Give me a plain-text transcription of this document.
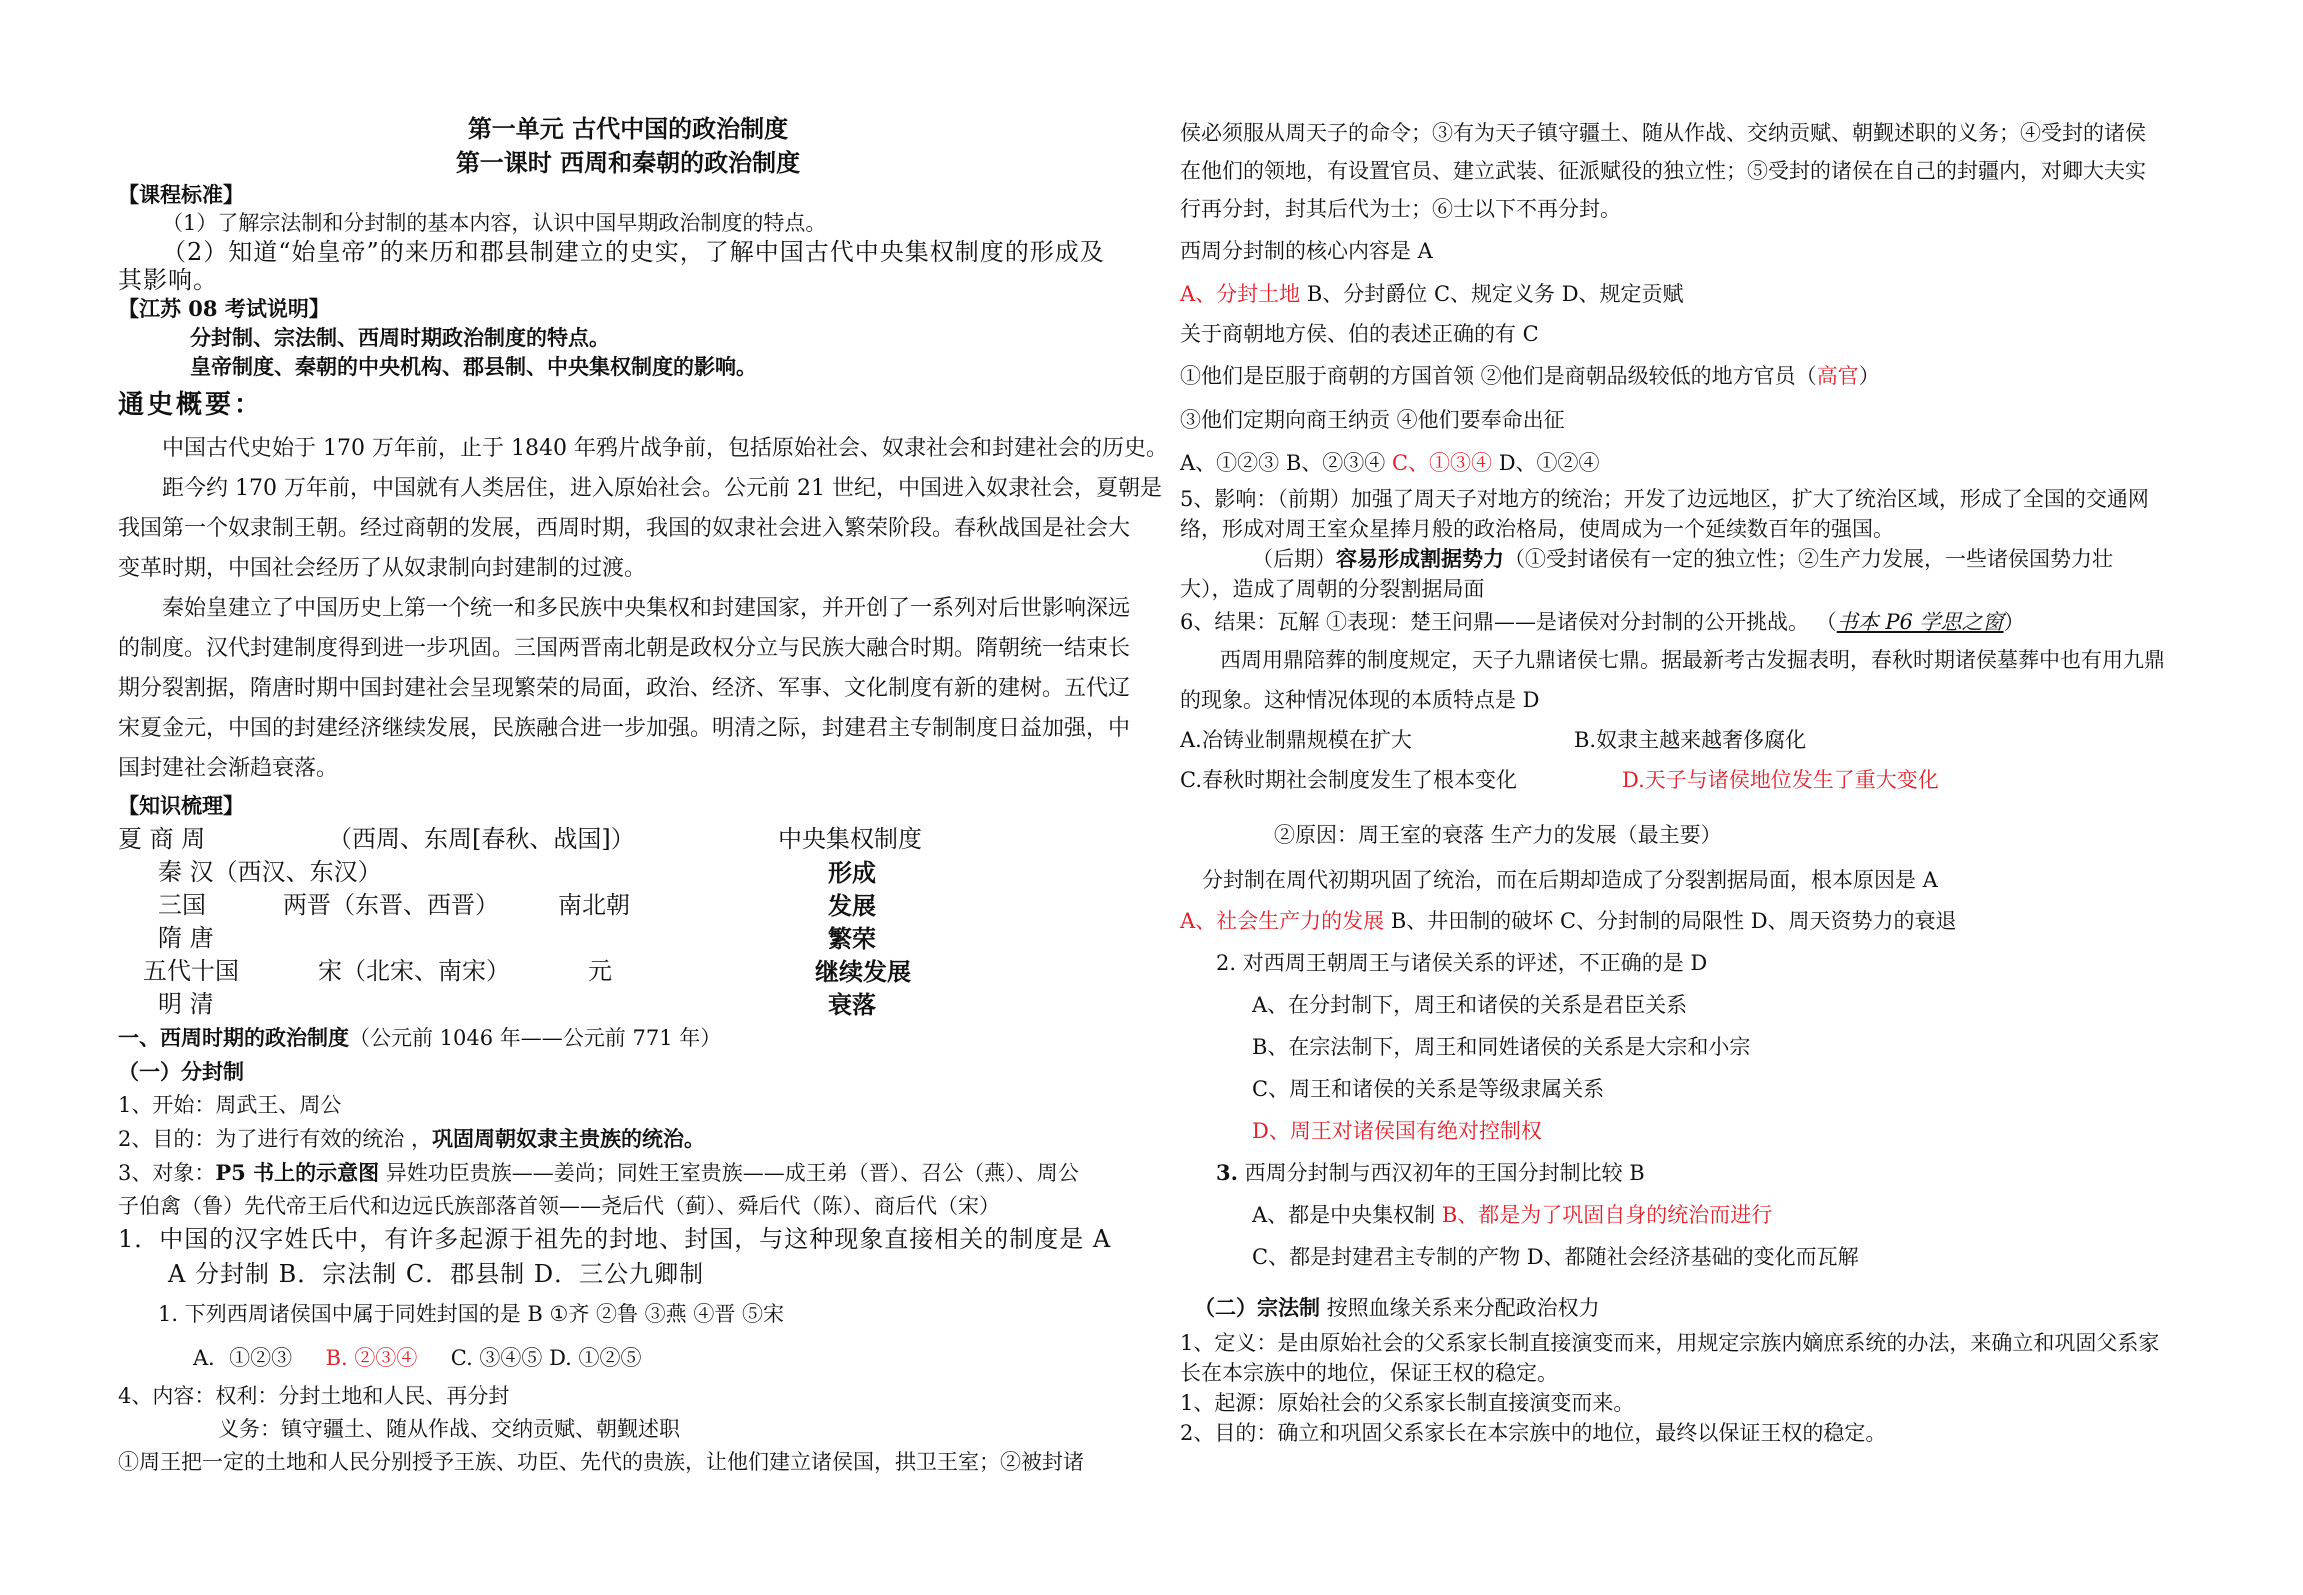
第一单元 古代中国的政治制度
第一课时 西周和秦朝的政治制度
【课程标准】
（1）了解宗法制和分封制的基本内容，认识中国早期政治制度的特点。
（2）知道“始皇帝”的来历和郡县制建立的史实，了解中国古代中央集权制度的形成及
其影响。
【江苏 08 考试说明】
分封制、宗法制、西周时期政治制度的特点。
皇帝制度、秦朝的中央机构、郡县制、中央集权制度的影响。
通史概要：
中国古代史始于 170 万年前，止于 1840 年鸦片战争前，包括原始社会、奴隶社会和封建社会的历史。
距今约 170 万年前，中国就有人类居住，进入原始社会。公元前 21 世纪，中国进入奴隶社会，夏朝是
我国第一个奴隶制王朝。经过商朝的发展，西周时期，我国的奴隶社会进入繁荣阶段。春秋战国是社会大
变革时期，中国社会经历了从奴隶制向封建制的过渡。
秦始皇建立了中国历史上第一个统一和多民族中央集权和封建国家，并开创了一系列对后世影响深远
的制度。汉代封建制度得到进一步巩固。三国两晋南北朝是政权分立与民族大融合时期。隋朝统一结束长
期分裂割据，隋唐时期中国封建社会呈现繁荣的局面，政治、经济、军事、文化制度有新的建树。五代辽
宋夏金元，中国的封建经济继续发展，民族融合进一步加强。明清之际，封建君主专制制度日益加强，中
国封建社会渐趋衰落。
【知识梳理】
夏 商 周	（西周、东周[春秋、战国]）	中央集权制度
秦 汉（西汉、东汉）	形成
三国	两晋（东晋、西晋） 南北朝	发展
隋 唐	繁荣
五代十国	宋（北宋、南宋）	元	继续发展
明 清	衰落
一、西周时期的政治制度（公元前 1046 年——公元前 771 年）
（一）分封制
1、开始：周武王、周公
2、目的：为了进行有效的统治 ，巩固周朝奴隶主贵族的统治。
3、对象：P5 书上的示意图 异姓功臣贵族——姜尚；同姓王室贵族——成王弟（晋）、召公（燕）、周公
子伯禽（鲁）先代帝王后代和边远氏族部落首领——尧后代（蓟）、舜后代（陈）、商后代（宋）
1．中国的汉字姓氏中，有许多起源于祖先的封地、封国，与这种现象直接相关的制度是 A
A 分封制 B．宗法制 C．郡县制 D．三公九卿制
1. 下列西周诸侯国中属于同姓封国的是 B ①齐 ②鲁 ③燕 ④晋 ⑤宋
A．①②③ B. ②③④ C. ③④⑤ D. ①②⑤
4、内容：权利：分封土地和人民、再分封
义务：镇守疆土、随从作战、交纳贡赋、朝觐述职
①周王把一定的土地和人民分别授予王族、功臣、先代的贵族，让他们建立诸侯国，拱卫王室；②被封诸
侯必须服从周天子的命令；③有为天子镇守疆土、随从作战、交纳贡赋、朝觐述职的义务；④受封的诸侯
在他们的领地，有设置官员、建立武装、征派赋役的独立性；⑤受封的诸侯在自己的封疆内，对卿大夫实
行再分封，封其后代为士；⑥士以下不再分封。
西周分封制的核心内容是 A
A、分封土地 B、分封爵位 C、规定义务 D、规定贡赋
关于商朝地方侯、伯的表述正确的有 C
①他们是臣服于商朝的方国首领 ②他们是商朝品级较低的地方官员（高官）
③他们定期向商王纳贡 ④他们要奉命出征
A、①②③ B、②③④ C、①③④ D、①②④
5、影响：（前期）加强了周天子对地方的统治；开发了边远地区，扩大了统治区域，形成了全国的交通网
络，形成对周王室众星捧月般的政治格局，使周成为一个延续数百年的强国。
（后期）容易形成割据势力（①受封诸侯有一定的独立性；②生产力发展，一些诸侯国势力壮
大），造成了周朝的分裂割据局面
6、结果：瓦解 ①表现：楚王问鼎——是诸侯对分封制的公开挑战。 （书本 P6 学思之窗）
西周用鼎陪葬的制度规定，天子九鼎诸侯七鼎。据最新考古发掘表明，春秋时期诸侯墓葬中也有用九鼎
的现象。这种情况体现的本质特点是 D
A.冶铸业制鼎规模在扩大	B.奴隶主越来越奢侈腐化
C.春秋时期社会制度发生了根本变化	D.天子与诸侯地位发生了重大变化
②原因：周王室的衰落 生产力的发展（最主要）
分封制在周代初期巩固了统治，而在后期却造成了分裂割据局面，根本原因是 A
A、社会生产力的发展 B、井田制的破坏 C、分封制的局限性 D、周天资势力的衰退
2. 对西周王朝周王与诸侯关系的评述，不正确的是 D
A、在分封制下，周王和诸侯的关系是君臣关系
B、在宗法制下，周王和同姓诸侯的关系是大宗和小宗
C、周王和诸侯的关系是等级隶属关系
D、周王对诸侯国有绝对控制权
3. 西周分封制与西汉初年的王国分封制比较 B
A、都是中央集权制 B、都是为了巩固自身的统治而进行
C、都是封建君主专制的产物 D、都随社会经济基础的变化而瓦解
（二）宗法制 按照血缘关系来分配政治权力
1、定义：是由原始社会的父系家长制直接演变而来，用规定宗族内嫡庶系统的办法，来确立和巩固父系家
长在本宗族中的地位，保证王权的稳定。
1、起源：原始社会的父系家长制直接演变而来。
2、目的：确立和巩固父系家长在本宗族中的地位，最终以保证王权的稳定。
